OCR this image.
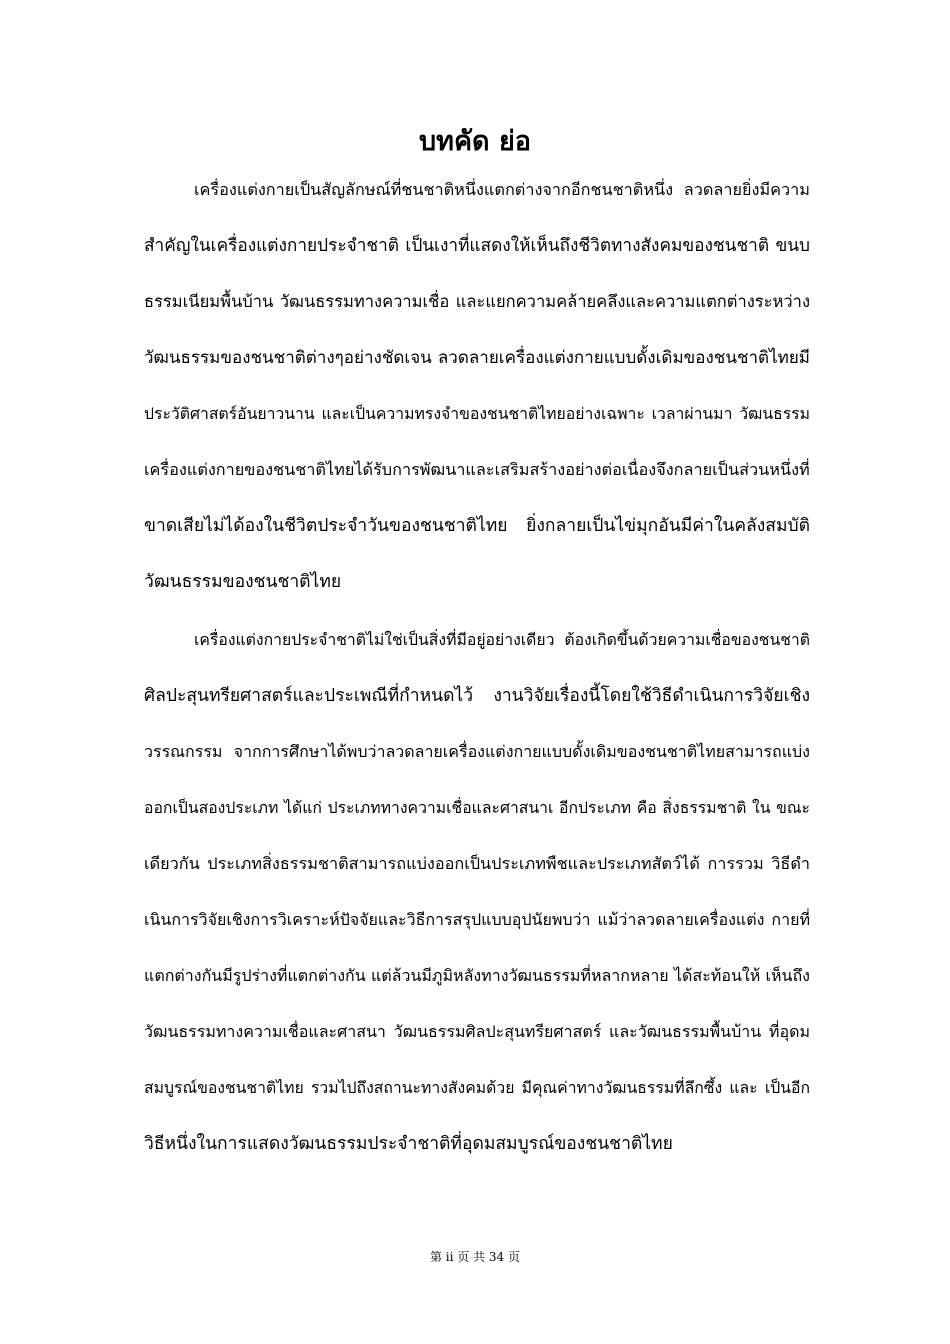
บทคัด ย่อ
เครื่องแต่งกายเป็นสัญลักษณ์ที่ชนชาติหนึ่งแตกต่างจากอีกชนชาติหนึ่ง ลวดลายยิ่งมีความ
สำคัญในเครื่องแต่งกายประจำชาติ เป็นเงาที่แสดงให้เห็นถึงชีวิตทางสังคมของชนชาติ ขนบ
ธรรมเนียมพื้นบ้าน วัฒนธรรมทางความเชื่อ และแยกความคล้ายคลึงและความแตกต่างระหว่าง
วัฒนธรรมของชนชาติต่างๆอย่างชัดเจน ลวดลายเครื่องแต่งกายแบบดั้งเดิมของชนชาติไทยมี
ประวัติศาสตร์อันยาวนาน และเป็นความทรงจำของชนชาติไทยอย่างเฉพาะ เวลาผ่านมา วัฒนธรรม
เครื่องแต่งกายของชนชาติไทยได้รับการพัฒนาและเสริมสร้างอย่างต่อเนื่องจึงกลายเป็นส่วนหนึ่งที่
ขาดเสียไม่ได้องในชีวิตประจำวันของชนชาติไทย ยิ่งกลายเป็นไข่มุกอันมีค่าในคลังสมบัติ
วัฒนธรรมของชนชาติไทย
เครื่องแต่งกายประจำชาติไม่ใช่เป็นสิ่งที่มีอยู่อย่างเดียว ต้องเกิดขึ้นด้วยความเชื่อของชนชาติ
ศิลปะสุนทรียศาสตร์และประเพณีที่กำหนดไว้ งานวิจัยเรื่องนี้โดยใช้วิธีดำเนินการวิจัยเชิง
วรรณกรรม จากการศึกษาได้พบว่าลวดลายเครื่องแต่งกายแบบดั้งเดิมของชนชาติไทยสามารถแบ่ง
ออกเป็นสองประเภท ได้แก่ ประเภททางความเชื่อและศาสนาเ อีกประเภท คือ สิ่งธรรมชาติ ใน ขณะ
เดียวกัน ประเภทสิ่งธรรมชาติสามารถแบ่งออกเป็นประเภทพืชและประเภทสัตว์ได้ การรวม วิธีดำ
เนินการวิจัยเชิงการวิเคราะห์ปัจจัยและวิธีการสรุปแบบอุปนัยพบว่า แม้ว่าลวดลายเครื่องแต่ง กายที่
แตกต่างกันมีรูปร่างที่แตกต่างกัน แต่ล้วนมีภูมิหลังทางวัฒนธรรมที่หลากหลาย ได้สะท้อนให้ เห็นถึง
วัฒนธรรมทางความเชื่อและศาสนา วัฒนธรรมศิลปะสุนทรียศาสตร์ และวัฒนธรรมพื้นบ้าน ที่อุดม
สมบูรณ์ของชนชาติไทย รวมไปถึงสถานะทางสังคมด้วย มีคุณค่าทางวัฒนธรรมที่ลึกซึ้ง และ เป็นอีก
วิธีหนึ่งในการแสดงวัฒนธรรมประจำชาติที่อุดมสมบูรณ์ของชนชาติไทย
第 ii 页 共 34 页
